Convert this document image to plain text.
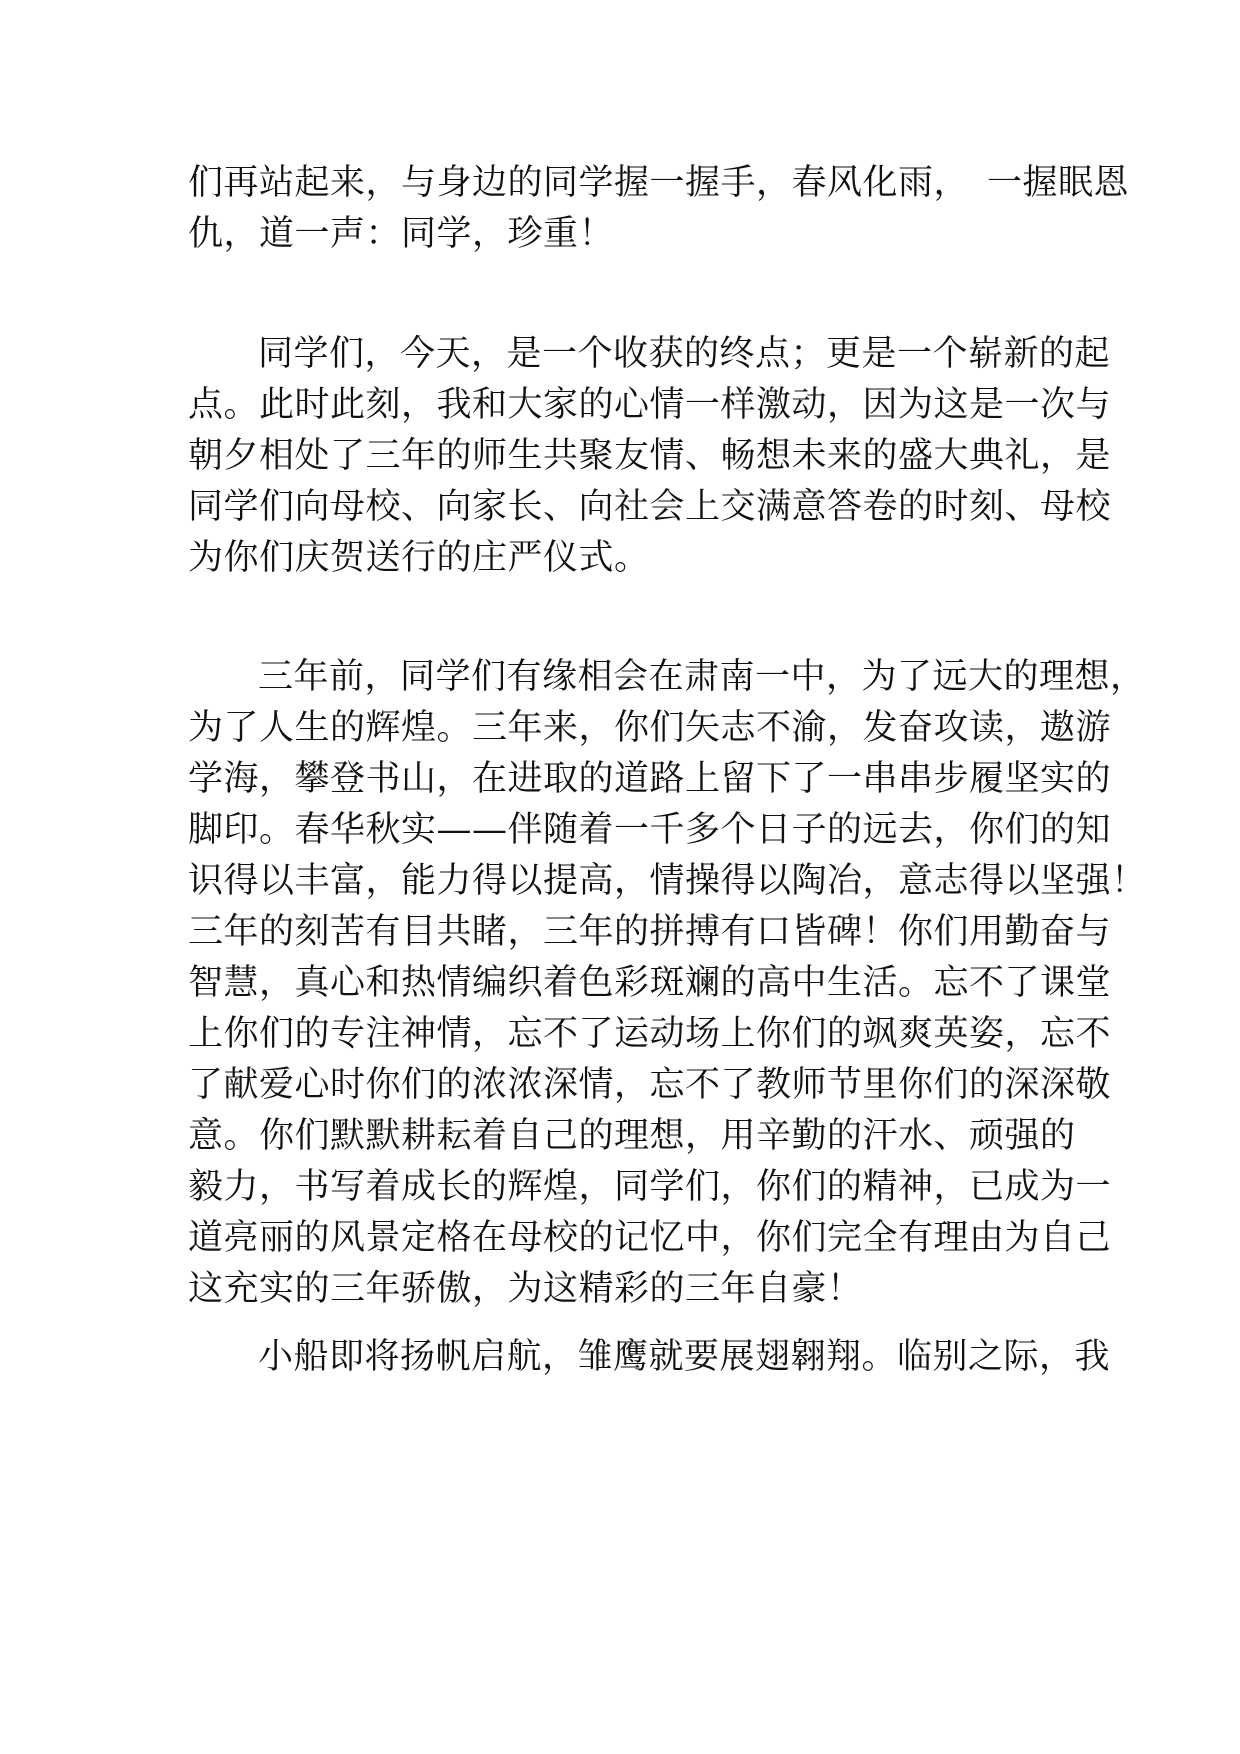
们再站起来，与身边的同学握一握手，春风化雨，　一握眠恩
仇，道一声：同学，珍重！

同学们，今天，是一个收获的终点；更是一个崭新的起
点。此时此刻，我和大家的心情一样激动，因为这是一次与
朝夕相处了三年的师生共聚友情、畅想未来的盛大典礼，是
同学们向母校、向家长、向社会上交满意答卷的时刻、母校
为你们庆贺送行的庄严仪式。

三年前，同学们有缘相会在肃南一中，为了远大的理想，
为了人生的辉煌。三年来，你们矢志不渝，发奋攻读，遨游
学海，攀登书山，在进取的道路上留下了一串串步履坚实的
脚印。春华秋实——伴随着一千多个日子的远去，你们的知
识得以丰富，能力得以提高，情操得以陶冶，意志得以坚强！
三年的刻苦有目共睹，三年的拼搏有口皆碑！你们用勤奋与
智慧，真心和热情编织着色彩斑斓的高中生活。忘不了课堂
上你们的专注神情，忘不了运动场上你们的飒爽英姿，忘不
了献爱心时你们的浓浓深情，忘不了教师节里你们的深深敬
意。你们默默耕耘着自己的理想，用辛勤的汗水、顽强的
毅力，书写着成长的辉煌，同学们，你们的精神，已成为一
道亮丽的风景定格在母校的记忆中，你们完全有理由为自己
这充实的三年骄傲，为这精彩的三年自豪！

小船即将扬帆启航，雏鹰就要展翅翱翔。临别之际，我
